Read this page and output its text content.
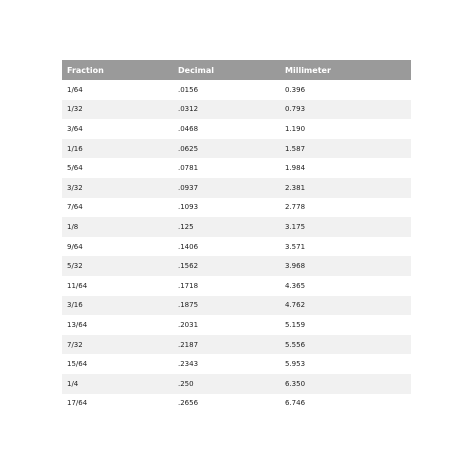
Fraction	Decimal	Millimeter
1/64	.0156	0.396
1/32	.0312	0.793
3/64	.0468	1.190
1/16	.0625	1.587
5/64	.0781	1.984
3/32	.0937	2.381
7/64	.1093	2.778
1/8	.125	3.175
9/64	.1406	3.571
5/32	.1562	3.968
11/64	.1718	4.365
3/16	.1875	4.762
13/64	.2031	5.159
7/32	.2187	5.556
15/64	.2343	5.953
1/4	.250	6.350
17/64	.2656	6.746
